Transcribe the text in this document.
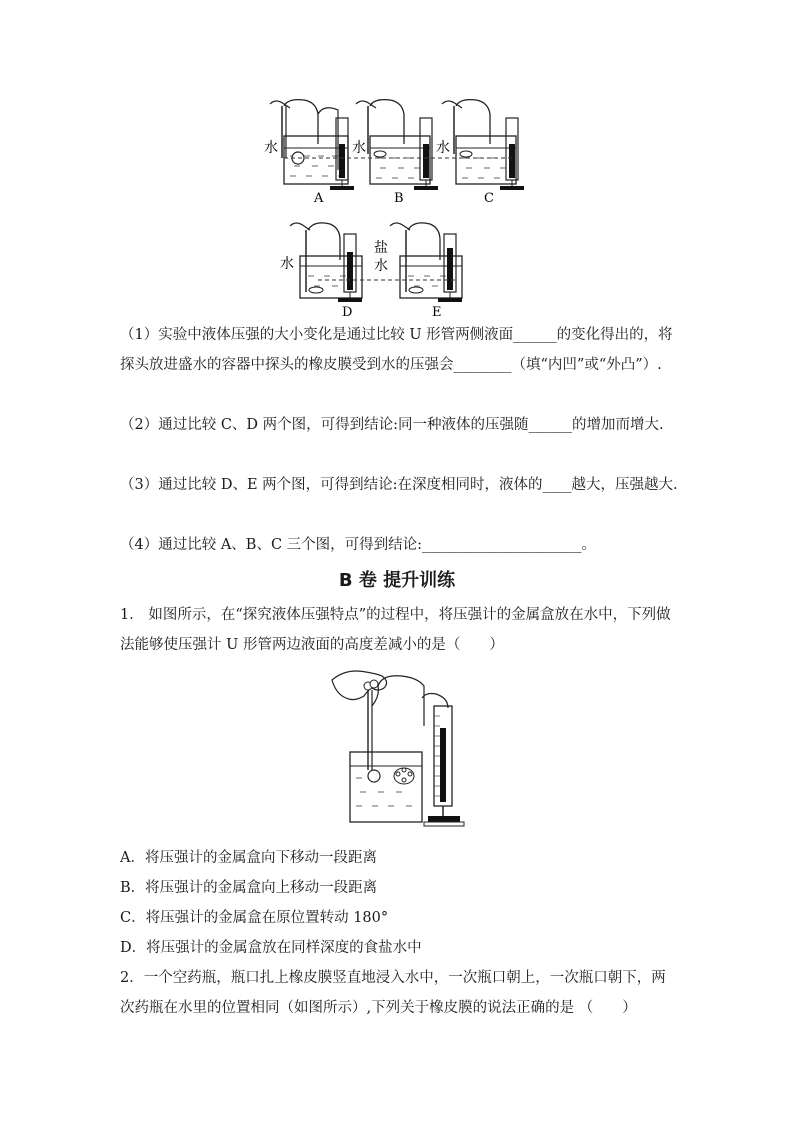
水	水	水
A	B	C
水
盐
水
D	E
（1）实验中液体压强的大小变化是通过比较 U 形管两侧液面______的变化得出的，将探头放进盛水的容器中探头的橡皮膜受到水的压强会________（填“内凹”或“外凸”）.
（2）通过比较 C、D 两个图，可得到结论:同一种液体的压强随______的增加而增大.
（3）通过比较 D、E 两个图，可得到结论:在深度相同时，液体的____越大，压强越大.
（4）通过比较 A、B、C 三个图，可得到结论:______________________。
B 卷 提升训练
1． 如图所示，在“探究液体压强特点”的过程中，将压强计的金属盒放在水中，下列做法能够使压强计 U 形管两边液面的高度差减小的是（　　）
A．将压强计的金属盒向下移动一段距离
B．将压强计的金属盒向上移动一段距离
C．将压强计的金属盒在原位置转动 180°
D．将压强计的金属盒放在同样深度的食盐水中
2．一个空药瓶，瓶口扎上橡皮膜竖直地浸入水中，一次瓶口朝上，一次瓶口朝下，两次药瓶在水里的位置相同（如图所示）,下列关于橡皮膜的说法正确的是 （　　）
